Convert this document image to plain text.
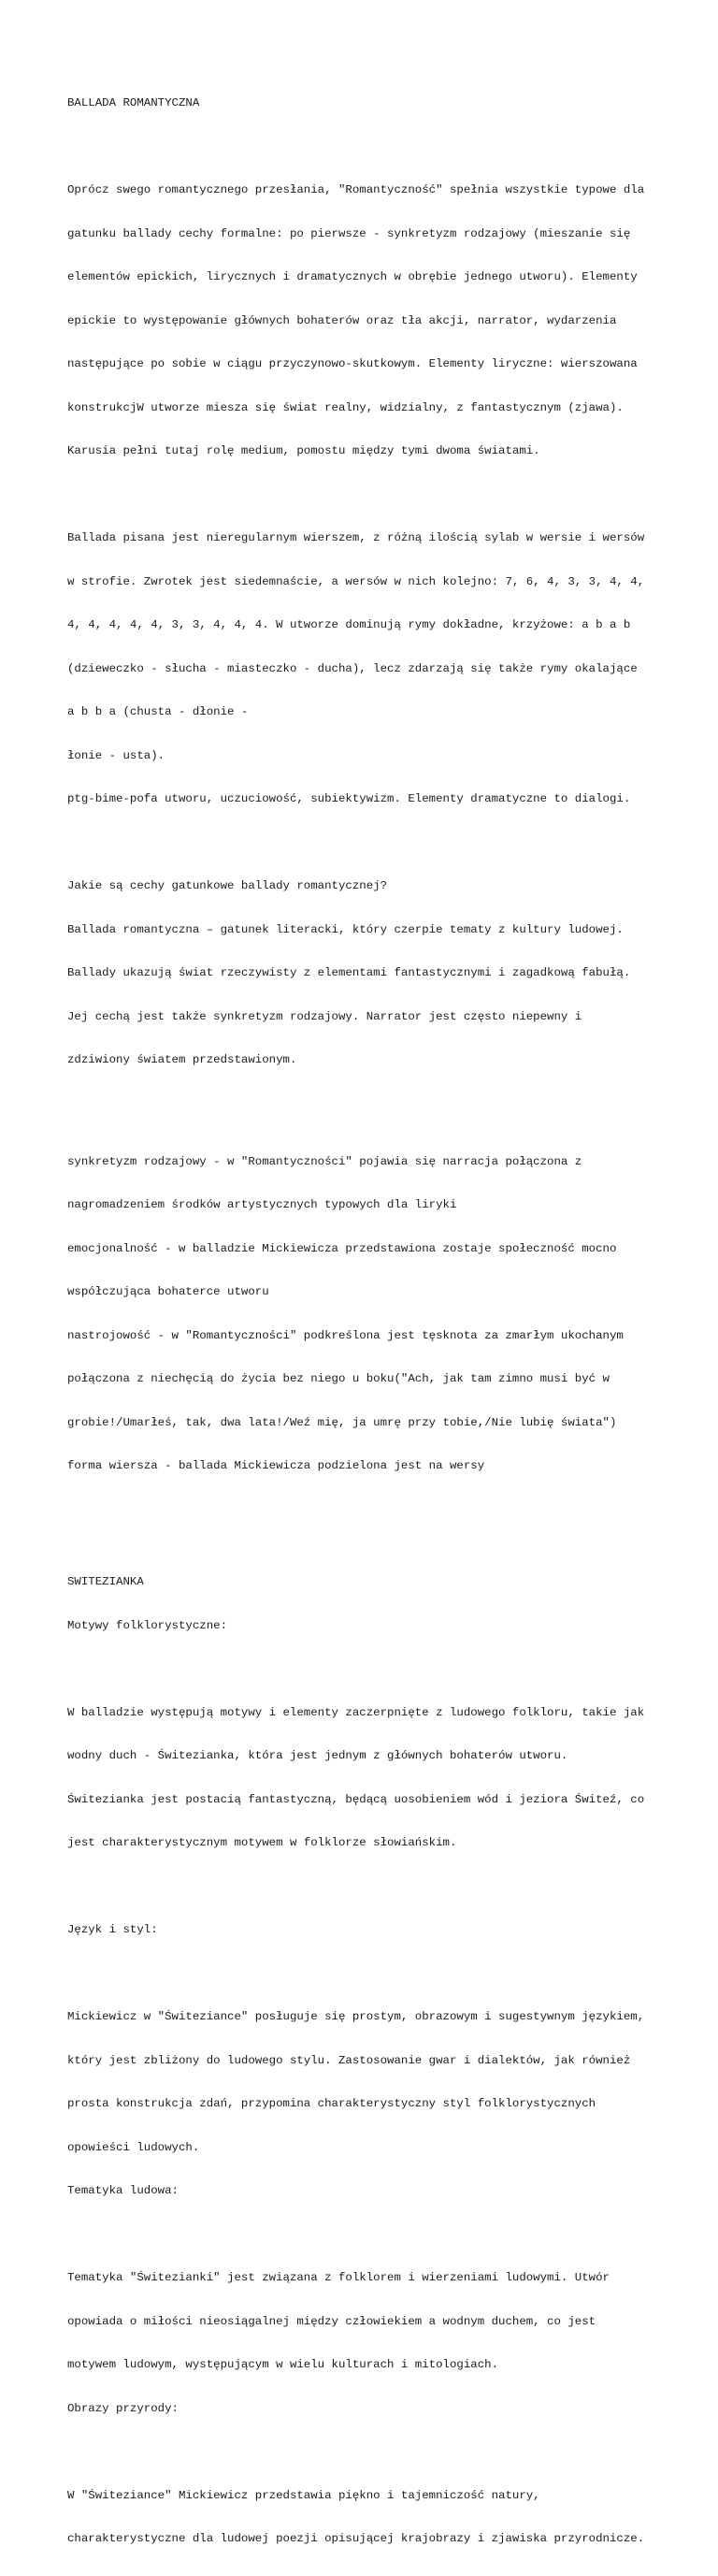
BALLADA ROMANTYCZNA

Oprócz swego romantycznego przesłania, "Romantyczność" spełnia wszystkie typowe dla

gatunku ballady cechy formalne: po pierwsze - synkretyzm rodzajowy (mieszanie się

elementów epickich, lirycznych i dramatycznych w obrębie jednego utworu). Elementy

epickie to występowanie głównych bohaterów oraz tła akcji, narrator, wydarzenia

następujące po sobie w ciągu przyczynowo-skutkowym. Elementy liryczne: wierszowana

konstrukcjW utworze miesza się świat realny, widzialny, z fantastycznym (zjawa).

Karusia pełni tutaj rolę medium, pomostu między tymi dwoma światami.

Ballada pisana jest nieregularnym wierszem, z różną ilością sylab w wersie i wersów

w strofie. Zwrotek jest siedemnaście, a wersów w nich kolejno: 7, 6, 4, 3, 3, 4, 4,

4, 4, 4, 4, 4, 3, 3, 4, 4, 4. W utworze dominują rymy dokładne, krzyżowe: a b a b

(dzieweczko - słucha - miasteczko - ducha), lecz zdarzają się także rymy okalające

a b b a (chusta - dłonie -

łonie - usta).

ptg-bime-pofa utworu, uczuciowość, subiektywizm. Elementy dramatyczne to dialogi.

Jakie są cechy gatunkowe ballady romantycznej?

Ballada romantyczna – gatunek literacki, który czerpie tematy z kultury ludowej.

Ballady ukazują świat rzeczywisty z elementami fantastycznymi i zagadkową fabułą.

Jej cechą jest także synkretyzm rodzajowy. Narrator jest często niepewny i

zdziwiony światem przedstawionym.

synkretyzm rodzajowy - w "Romantyczności" pojawia się narracja połączona z

nagromadzeniem środków artystycznych typowych dla liryki

emocjonalność - w balladzie Mickiewicza przedstawiona zostaje społeczność mocno

współczująca bohaterce utworu

nastrojowość - w "Romantyczności" podkreślona jest tęsknota za zmarłym ukochanym

połączona z niechęcią do życia bez niego u boku("Ach, jak tam zimno musi być w

grobie!/Umarłeś, tak, dwa lata!/Weź mię, ja umrę przy tobie,/Nie lubię świata")

forma wiersza - ballada Mickiewicza podzielona jest na wersy

SWITEZIANKA

Motywy folklorystyczne:

W balladzie występują motywy i elementy zaczerpnięte z ludowego folkloru, takie jak

wodny duch - Świtezianka, która jest jednym z głównych bohaterów utworu.

Świtezianka jest postacią fantastyczną, będącą uosobieniem wód i jeziora Świteź, co

jest charakterystycznym motywem w folklorze słowiańskim.

Język i styl:

Mickiewicz w "Świteziance" posługuje się prostym, obrazowym i sugestywnym językiem,

który jest zbliżony do ludowego stylu. Zastosowanie gwar i dialektów, jak również

prosta konstrukcja zdań, przypomina charakterystyczny styl folklorystycznych

opowieści ludowych.

Tematyka ludowa:

Tematyka "Świtezianki" jest związana z folklorem i wierzeniami ludowymi. Utwór

opowiada o miłości nieosiągalnej między człowiekiem a wodnym duchem, co jest

motywem ludowym, występującym w wielu kulturach i mitologiach.

Obrazy przyrody:

W "Świteziance" Mickiewicz przedstawia piękno i tajemniczość natury,

charakterystyczne dla ludowej poezji opisującej krajobrazy i zjawiska przyrodnicze.
